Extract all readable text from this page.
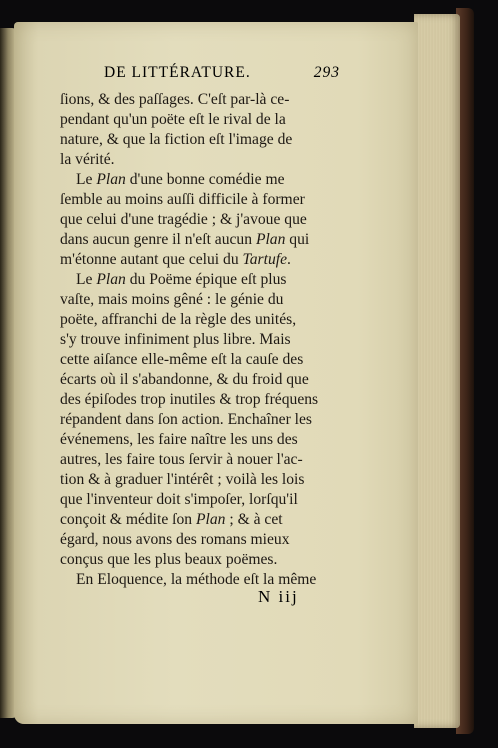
DE LITTÉRATURE.	293
ſions, & des paſſages. C'eſt par-là ce-
pendant qu'un poëte eſt le rival de la
nature, & que la fiction eſt l'image de
la vérité.
Le Plan d'une bonne comédie me
ſemble au moins auſſi difficile à former
que celui d'une tragédie ; & j'avoue que
dans aucun genre il n'eſt aucun Plan qui
m'étonne autant que celui du Tartufe.
Le Plan du Poëme épique eſt plus
vaſte, mais moins gêné : le génie du
poëte, affranchi de la règle des unités,
s'y trouve infiniment plus libre. Mais
cette aiſance elle-même eſt la cauſe des
écarts où il s'abandonne, & du froid que
des épiſodes trop inutiles & trop fréquens
répandent dans ſon action. Enchaîner les
événemens, les faire naître les uns des
autres, les faire tous ſervir à nouer l'ac-
tion & à graduer l'intérêt ; voilà les lois
que l'inventeur doit s'impoſer, lorſqu'il
conçoit & médite ſon Plan ; & à cet
égard, nous avons des romans mieux
conçus que les plus beaux poëmes.
En Eloquence, la méthode eſt la même
N iij
